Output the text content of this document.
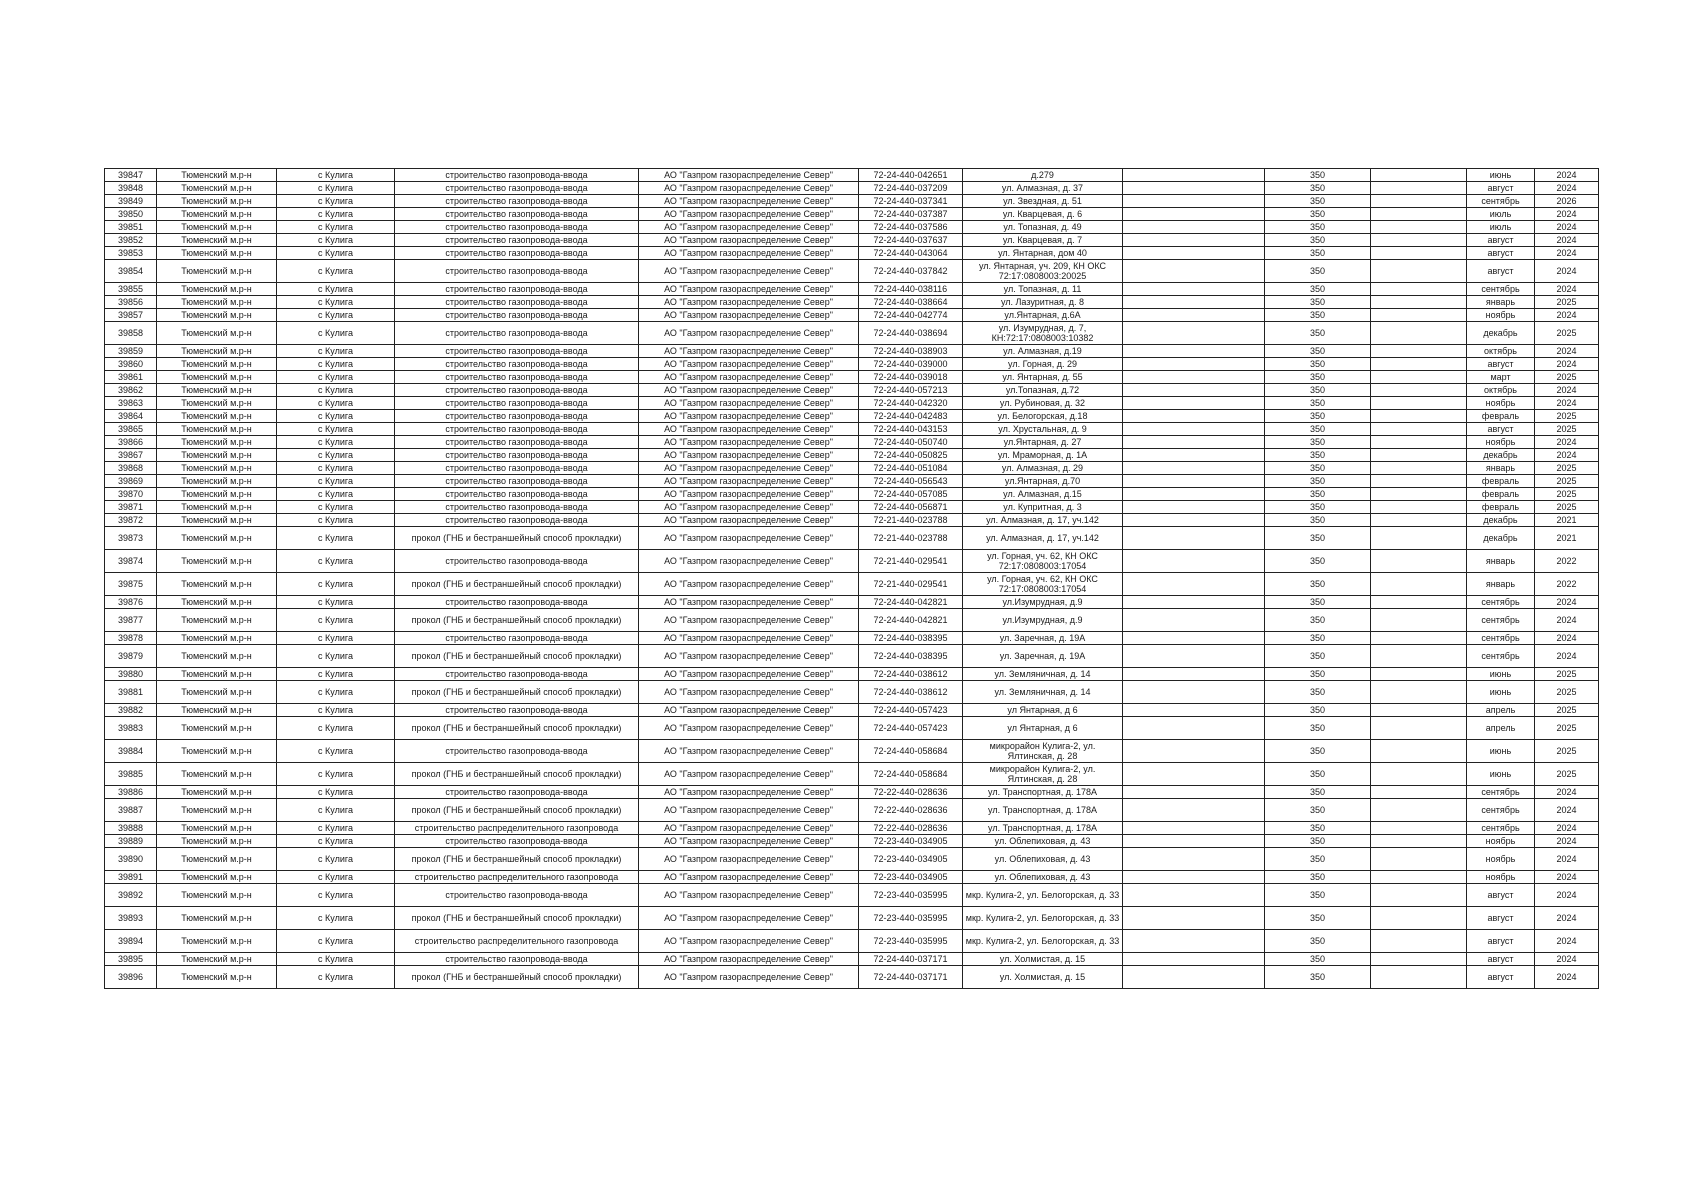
39847	Тюменский м.р-н	с Кулига	строительство газопровода-ввода	АО "Газпром газораспределение Север"	72-24-440-042651	д.279		350		июнь	2024
39848	Тюменский м.р-н	с Кулига	строительство газопровода-ввода	АО "Газпром газораспределение Север"	72-24-440-037209	ул. Алмазная, д. 37		350		август	2024
39849	Тюменский м.р-н	с Кулига	строительство газопровода-ввода	АО "Газпром газораспределение Север"	72-24-440-037341	ул. Звездная, д. 51		350		сентябрь	2026
39850	Тюменский м.р-н	с Кулига	строительство газопровода-ввода	АО "Газпром газораспределение Север"	72-24-440-037387	ул. Кварцевая, д. 6		350		июль	2024
39851	Тюменский м.р-н	с Кулига	строительство газопровода-ввода	АО "Газпром газораспределение Север"	72-24-440-037586	ул. Топазная, д. 49		350		июль	2024
39852	Тюменский м.р-н	с Кулига	строительство газопровода-ввода	АО "Газпром газораспределение Север"	72-24-440-037637	ул. Кварцевая, д. 7		350		август	2024
39853	Тюменский м.р-н	с Кулига	строительство газопровода-ввода	АО "Газпром газораспределение Север"	72-24-440-043064	ул. Янтарная, дом 40		350		август	2024
39854	Тюменский м.р-н	с Кулига	строительство газопровода-ввода	АО "Газпром газораспределение Север"	72-24-440-037842	ул. Янтарная, уч. 209, КН ОКС 72:17:0808003:20025		350		август	2024
39855	Тюменский м.р-н	с Кулига	строительство газопровода-ввода	АО "Газпром газораспределение Север"	72-24-440-038116	ул. Топазная, д. 11		350		сентябрь	2024
39856	Тюменский м.р-н	с Кулига	строительство газопровода-ввода	АО "Газпром газораспределение Север"	72-24-440-038664	ул. Лазуритная, д. 8		350		январь	2025
39857	Тюменский м.р-н	с Кулига	строительство газопровода-ввода	АО "Газпром газораспределение Север"	72-24-440-042774	ул.Янтарная, д.6А		350		ноябрь	2024
39858	Тюменский м.р-н	с Кулига	строительство газопровода-ввода	АО "Газпром газораспределение Север"	72-24-440-038694	ул. Изумрудная, д. 7, КН:72:17:0808003:10382		350		декабрь	2025
39859	Тюменский м.р-н	с Кулига	строительство газопровода-ввода	АО "Газпром газораспределение Север"	72-24-440-038903	ул. Алмазная, д.19		350		октябрь	2024
39860	Тюменский м.р-н	с Кулига	строительство газопровода-ввода	АО "Газпром газораспределение Север"	72-24-440-039000	ул. Горная, д. 29		350		август	2024
39861	Тюменский м.р-н	с Кулига	строительство газопровода-ввода	АО "Газпром газораспределение Север"	72-24-440-039018	ул. Янтарная, д. 55		350		март	2025
39862	Тюменский м.р-н	с Кулига	строительство газопровода-ввода	АО "Газпром газораспределение Север"	72-24-440-057213	ул.Топазная, д.72		350		октябрь	2024
39863	Тюменский м.р-н	с Кулига	строительство газопровода-ввода	АО "Газпром газораспределение Север"	72-24-440-042320	ул. Рубиновая, д. 32		350		ноябрь	2024
39864	Тюменский м.р-н	с Кулига	строительство газопровода-ввода	АО "Газпром газораспределение Север"	72-24-440-042483	ул. Белогорская, д.18		350		февраль	2025
39865	Тюменский м.р-н	с Кулига	строительство газопровода-ввода	АО "Газпром газораспределение Север"	72-24-440-043153	ул. Хрустальная, д. 9		350		август	2025
39866	Тюменский м.р-н	с Кулига	строительство газопровода-ввода	АО "Газпром газораспределение Север"	72-24-440-050740	ул.Янтарная, д. 27		350		ноябрь	2024
39867	Тюменский м.р-н	с Кулига	строительство газопровода-ввода	АО "Газпром газораспределение Север"	72-24-440-050825	ул. Мраморная, д. 1А		350		декабрь	2024
39868	Тюменский м.р-н	с Кулига	строительство газопровода-ввода	АО "Газпром газораспределение Север"	72-24-440-051084	ул. Алмазная, д. 29		350		январь	2025
39869	Тюменский м.р-н	с Кулига	строительство газопровода-ввода	АО "Газпром газораспределение Север"	72-24-440-056543	ул.Янтарная, д.70		350		февраль	2025
39870	Тюменский м.р-н	с Кулига	строительство газопровода-ввода	АО "Газпром газораспределение Север"	72-24-440-057085	ул. Алмазная, д.15		350		февраль	2025
39871	Тюменский м.р-н	с Кулига	строительство газопровода-ввода	АО "Газпром газораспределение Север"	72-24-440-056871	ул. Купритная, д. 3		350		февраль	2025
39872	Тюменский м.р-н	с Кулига	строительство газопровода-ввода	АО "Газпром газораспределение Север"	72-21-440-023788	ул. Алмазная, д. 17, уч.142		350		декабрь	2021
39873	Тюменский м.р-н	с Кулига	прокол (ГНБ и бестраншейный способ прокладки)	АО "Газпром газораспределение Север"	72-21-440-023788	ул. Алмазная, д. 17, уч.142		350		декабрь	2021
39874	Тюменский м.р-н	с Кулига	строительство газопровода-ввода	АО "Газпром газораспределение Север"	72-21-440-029541	ул. Горная, уч. 62, КН ОКС 72:17:0808003:17054		350		январь	2022
39875	Тюменский м.р-н	с Кулига	прокол (ГНБ и бестраншейный способ прокладки)	АО "Газпром газораспределение Север"	72-21-440-029541	ул. Горная, уч. 62, КН ОКС 72:17:0808003:17054		350		январь	2022
39876	Тюменский м.р-н	с Кулига	строительство газопровода-ввода	АО "Газпром газораспределение Север"	72-24-440-042821	ул.Изумрудная, д.9		350		сентябрь	2024
39877	Тюменский м.р-н	с Кулига	прокол (ГНБ и бестраншейный способ прокладки)	АО "Газпром газораспределение Север"	72-24-440-042821	ул.Изумрудная, д.9		350		сентябрь	2024
39878	Тюменский м.р-н	с Кулига	строительство газопровода-ввода	АО "Газпром газораспределение Север"	72-24-440-038395	ул. Заречная, д. 19А		350		сентябрь	2024
39879	Тюменский м.р-н	с Кулига	прокол (ГНБ и бестраншейный способ прокладки)	АО "Газпром газораспределение Север"	72-24-440-038395	ул. Заречная, д. 19А		350		сентябрь	2024
39880	Тюменский м.р-н	с Кулига	строительство газопровода-ввода	АО "Газпром газораспределение Север"	72-24-440-038612	ул. Земляничная, д. 14		350		июнь	2025
39881	Тюменский м.р-н	с Кулига	прокол (ГНБ и бестраншейный способ прокладки)	АО "Газпром газораспределение Север"	72-24-440-038612	ул. Земляничная, д. 14		350		июнь	2025
39882	Тюменский м.р-н	с Кулига	строительство газопровода-ввода	АО "Газпром газораспределение Север"	72-24-440-057423	ул Янтарная, д 6		350		апрель	2025
39883	Тюменский м.р-н	с Кулига	прокол (ГНБ и бестраншейный способ прокладки)	АО "Газпром газораспределение Север"	72-24-440-057423	ул Янтарная, д 6		350		апрель	2025
39884	Тюменский м.р-н	с Кулига	строительство газопровода-ввода	АО "Газпром газораспределение Север"	72-24-440-058684	микрорайон Кулига-2, ул. Ялтинская, д. 28		350		июнь	2025
39885	Тюменский м.р-н	с Кулига	прокол (ГНБ и бестраншейный способ прокладки)	АО "Газпром газораспределение Север"	72-24-440-058684	микрорайон Кулига-2, ул. Ялтинская, д. 28		350		июнь	2025
39886	Тюменский м.р-н	с Кулига	строительство газопровода-ввода	АО "Газпром газораспределение Север"	72-22-440-028636	ул. Транспортная, д. 178А		350		сентябрь	2024
39887	Тюменский м.р-н	с Кулига	прокол (ГНБ и бестраншейный способ прокладки)	АО "Газпром газораспределение Север"	72-22-440-028636	ул. Транспортная, д. 178А		350		сентябрь	2024
39888	Тюменский м.р-н	с Кулига	строительство распределительного газопровода	АО "Газпром газораспределение Север"	72-22-440-028636	ул. Транспортная, д. 178А		350		сентябрь	2024
39889	Тюменский м.р-н	с Кулига	строительство газопровода-ввода	АО "Газпром газораспределение Север"	72-23-440-034905	ул. Облепиховая, д. 43		350		ноябрь	2024
39890	Тюменский м.р-н	с Кулига	прокол (ГНБ и бестраншейный способ прокладки)	АО "Газпром газораспределение Север"	72-23-440-034905	ул. Облепиховая, д. 43		350		ноябрь	2024
39891	Тюменский м.р-н	с Кулига	строительство распределительного газопровода	АО "Газпром газораспределение Север"	72-23-440-034905	ул. Облепиховая, д. 43		350		ноябрь	2024
39892	Тюменский м.р-н	с Кулига	строительство газопровода-ввода	АО "Газпром газораспределение Север"	72-23-440-035995	мкр. Кулига-2, ул. Белогорская, д. 33		350		август	2024
39893	Тюменский м.р-н	с Кулига	прокол (ГНБ и бестраншейный способ прокладки)	АО "Газпром газораспределение Север"	72-23-440-035995	мкр. Кулига-2, ул. Белогорская, д. 33		350		август	2024
39894	Тюменский м.р-н	с Кулига	строительство распределительного газопровода	АО "Газпром газораспределение Север"	72-23-440-035995	мкр. Кулига-2, ул. Белогорская, д. 33		350		август	2024
39895	Тюменский м.р-н	с Кулига	строительство газопровода-ввода	АО "Газпром газораспределение Север"	72-24-440-037171	ул. Холмистая, д. 15		350		август	2024
39896	Тюменский м.р-н	с Кулига	прокол (ГНБ и бестраншейный способ прокладки)	АО "Газпром газораспределение Север"	72-24-440-037171	ул. Холмистая, д. 15		350		август	2024
